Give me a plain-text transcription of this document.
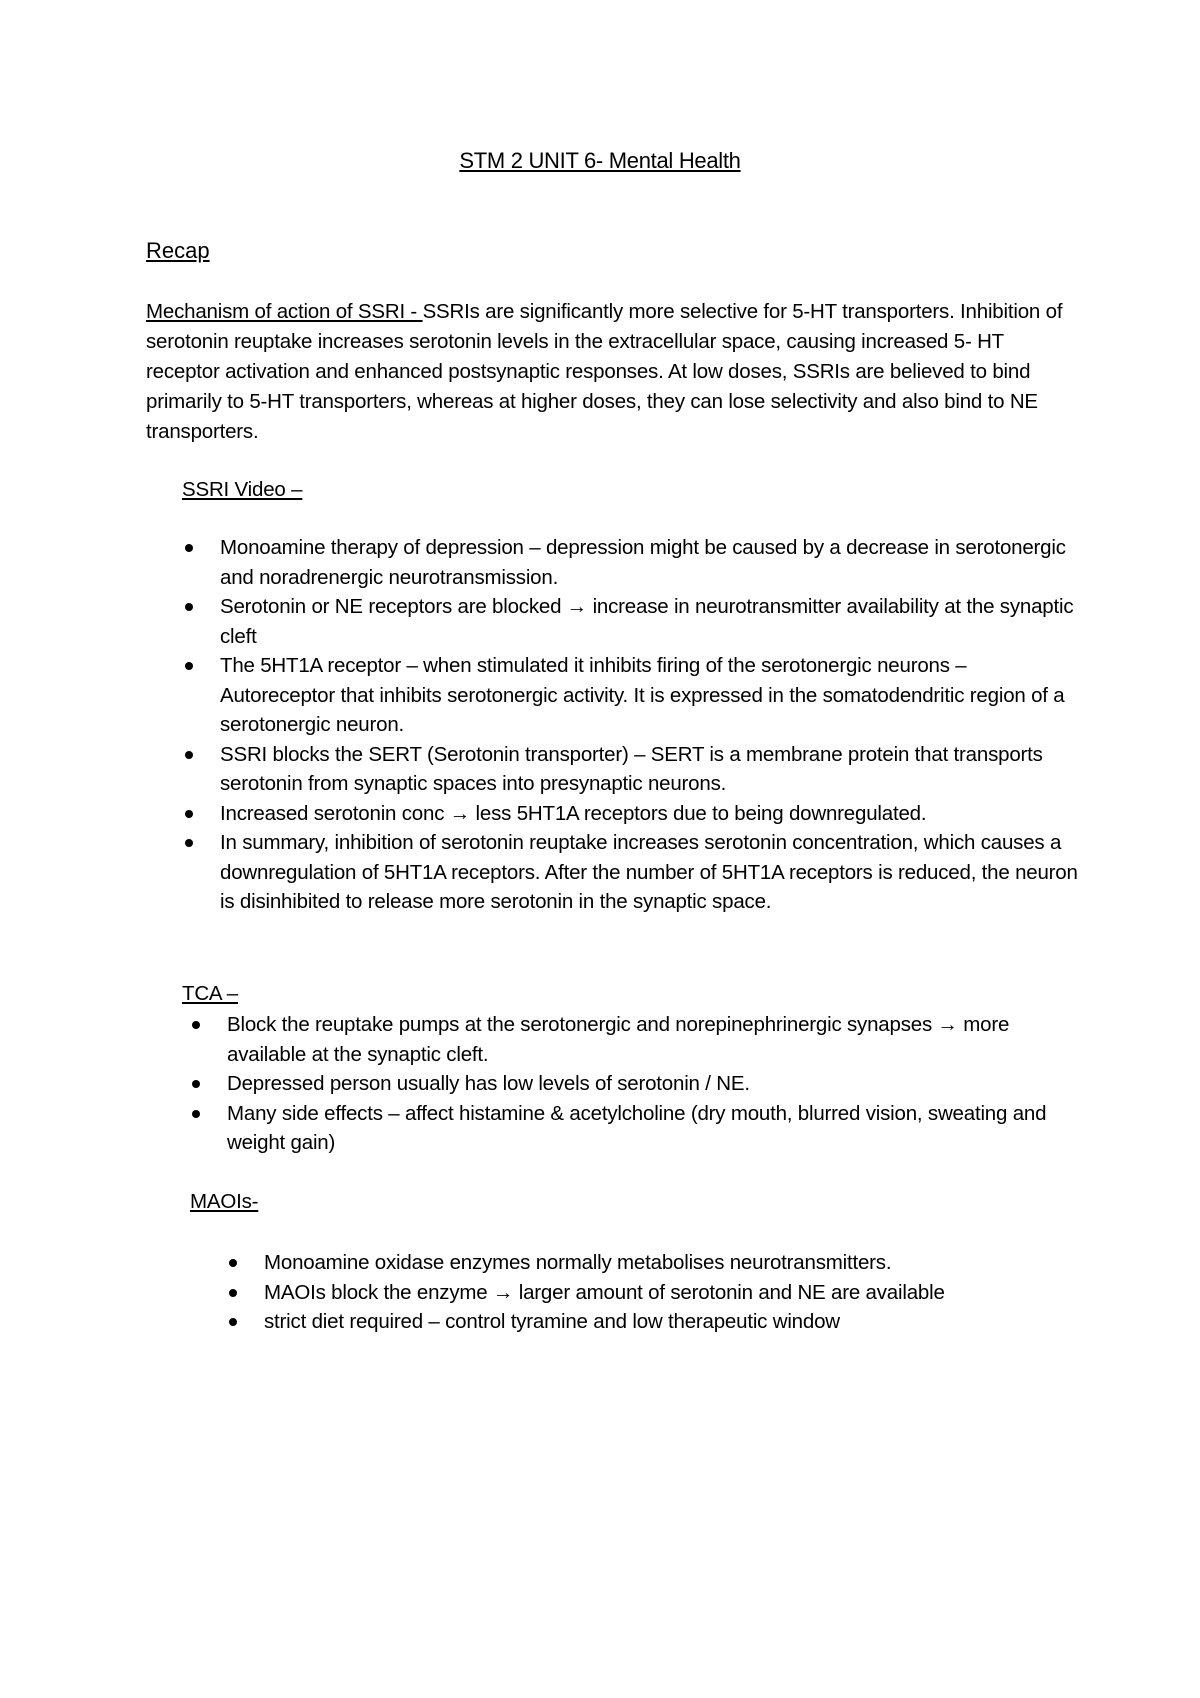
STM 2 UNIT 6- Mental Health
Recap
Mechanism of action of SSRI - SSRIs are significantly more selective for 5-HT transporters. Inhibition of serotonin reuptake increases serotonin levels in the extracellular space, causing increased 5- HT receptor activation and enhanced postsynaptic responses. At low doses, SSRIs are believed to bind primarily to 5-HT transporters, whereas at higher doses, they can lose selectivity and also bind to NE transporters.
SSRI Video –
Monoamine therapy of depression – depression might be caused by a decrease in serotonergic and noradrenergic neurotransmission.
Serotonin or NE receptors are blocked → increase in neurotransmitter availability at the synaptic cleft
The 5HT1A receptor – when stimulated it inhibits firing of the serotonergic neurons – Autoreceptor that inhibits serotonergic activity. It is expressed in the somatodendritic region of a serotonergic neuron.
SSRI blocks the SERT (Serotonin transporter) – SERT is a membrane protein that transports serotonin from synaptic spaces into presynaptic neurons.
Increased serotonin conc → less 5HT1A receptors due to being downregulated.
In summary, inhibition of serotonin reuptake increases serotonin concentration, which causes a downregulation of 5HT1A receptors. After the number of 5HT1A receptors is reduced, the neuron is disinhibited to release more serotonin in the synaptic space.
TCA –
Block the reuptake pumps at the serotonergic and norepinephrinergic synapses → more available at the synaptic cleft.
Depressed person usually has low levels of serotonin / NE.
Many side effects – affect histamine & acetylcholine (dry mouth, blurred vision, sweating and weight gain)
MAOIs-
Monoamine oxidase enzymes normally metabolises neurotransmitters.
MAOIs block the enzyme → larger amount of serotonin and NE are available
strict diet required – control tyramine and low therapeutic window
